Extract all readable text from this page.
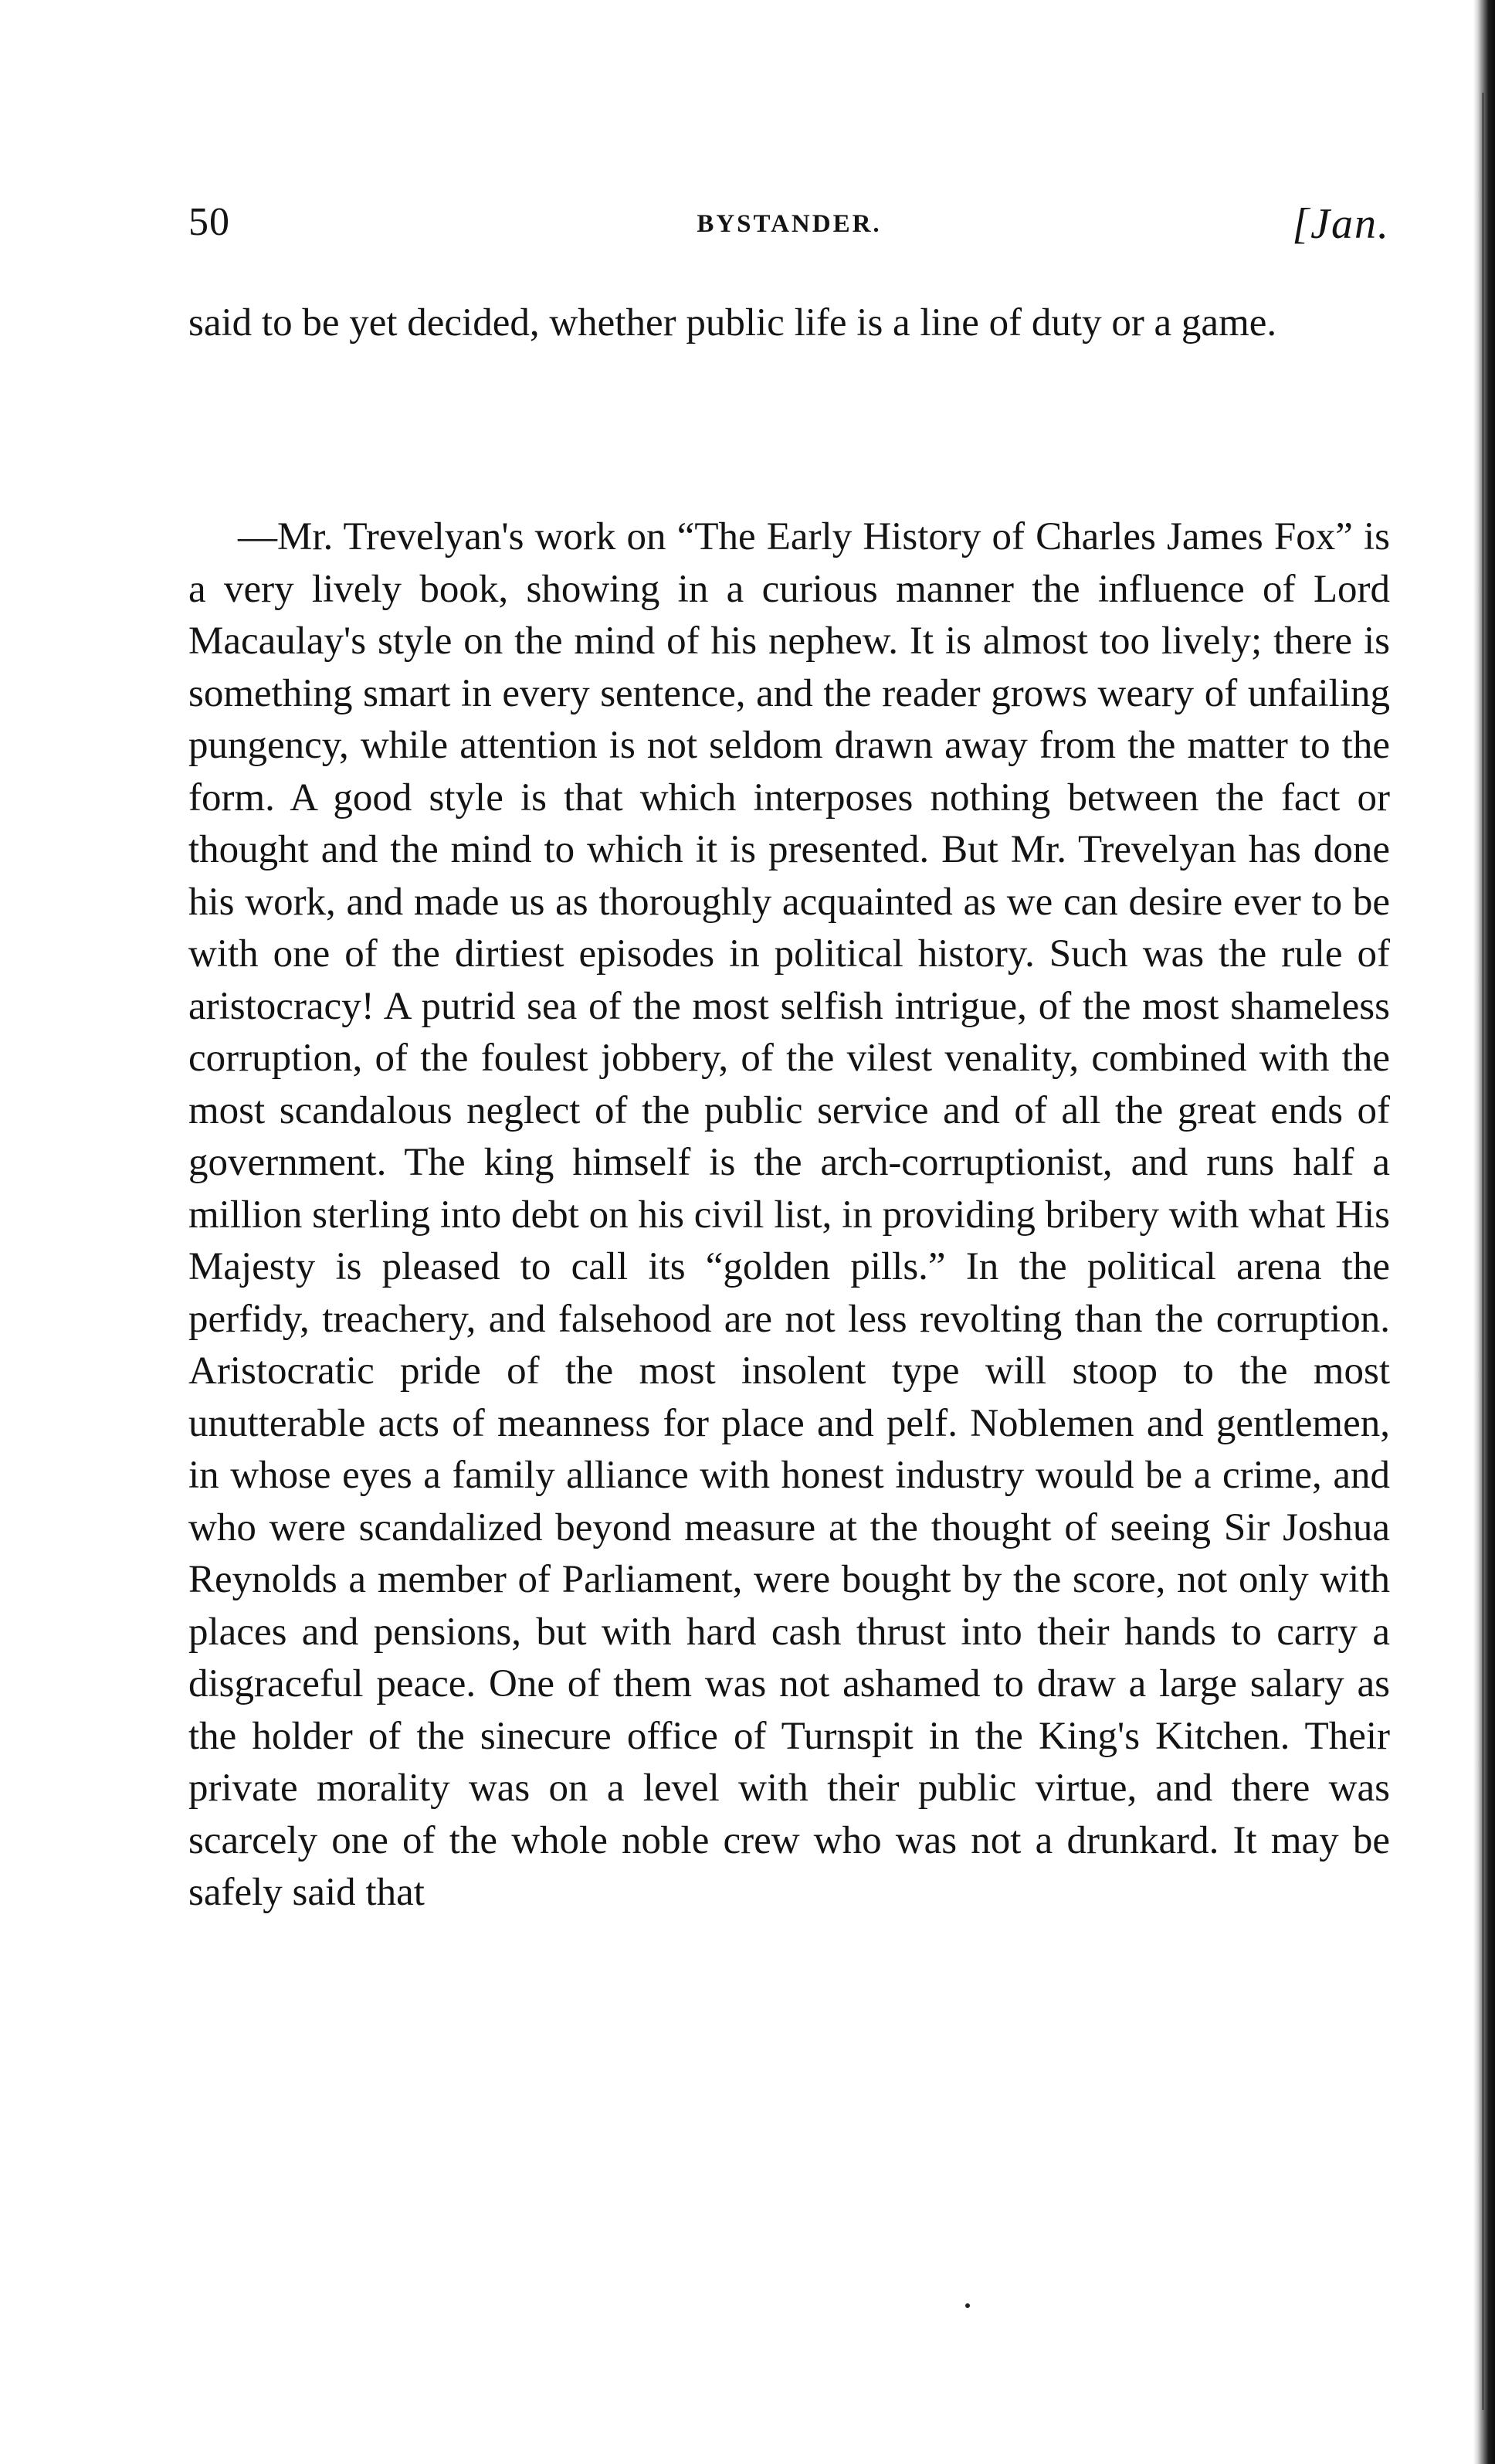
50	BYSTANDER.	[Jan.

said to be yet decided, whether public life is a line of duty or a game.

—Mr. Trevelyan's work on “The Early History of Charles James Fox” is a very lively book, showing in a curious manner the influence of Lord Macaulay's style on the mind of his nephew. It is almost too lively; there is something smart in every sentence, and the reader grows weary of unfailing pungency, while attention is not seldom drawn away from the matter to the form. A good style is that which interposes nothing between the fact or thought and the mind to which it is presented. But Mr. Trevelyan has done his work, and made us as thoroughly acquainted as we can desire ever to be with one of the dirtiest episodes in political history. Such was the rule of aristocracy! A putrid sea of the most selfish intrigue, of the most shameless corruption, of the foulest jobbery, of the vilest venality, combined with the most scandalous neglect of the public service and of all the great ends of government. The king himself is the arch-corruptionist, and runs half a million sterling into debt on his civil list, in providing bribery with what His Majesty is pleased to call its “golden pills.” In the political arena the perfidy, treachery, and falsehood are not less revolting than the corruption. Aristocratic pride of the most insolent type will stoop to the most unutterable acts of meanness for place and pelf. Noblemen and gentlemen, in whose eyes a family alliance with honest industry would be a crime, and who were scandalized beyond measure at the thought of seeing Sir Joshua Reynolds a member of Parliament, were bought by the score, not only with places and pensions, but with hard cash thrust into their hands to carry a disgraceful peace. One of them was not ashamed to draw a large salary as the holder of the sinecure office of Turnspit in the King's Kitchen. Their private morality was on a level with their public virtue, and there was scarcely one of the whole noble crew who was not a drunkard. It may be safely said that
